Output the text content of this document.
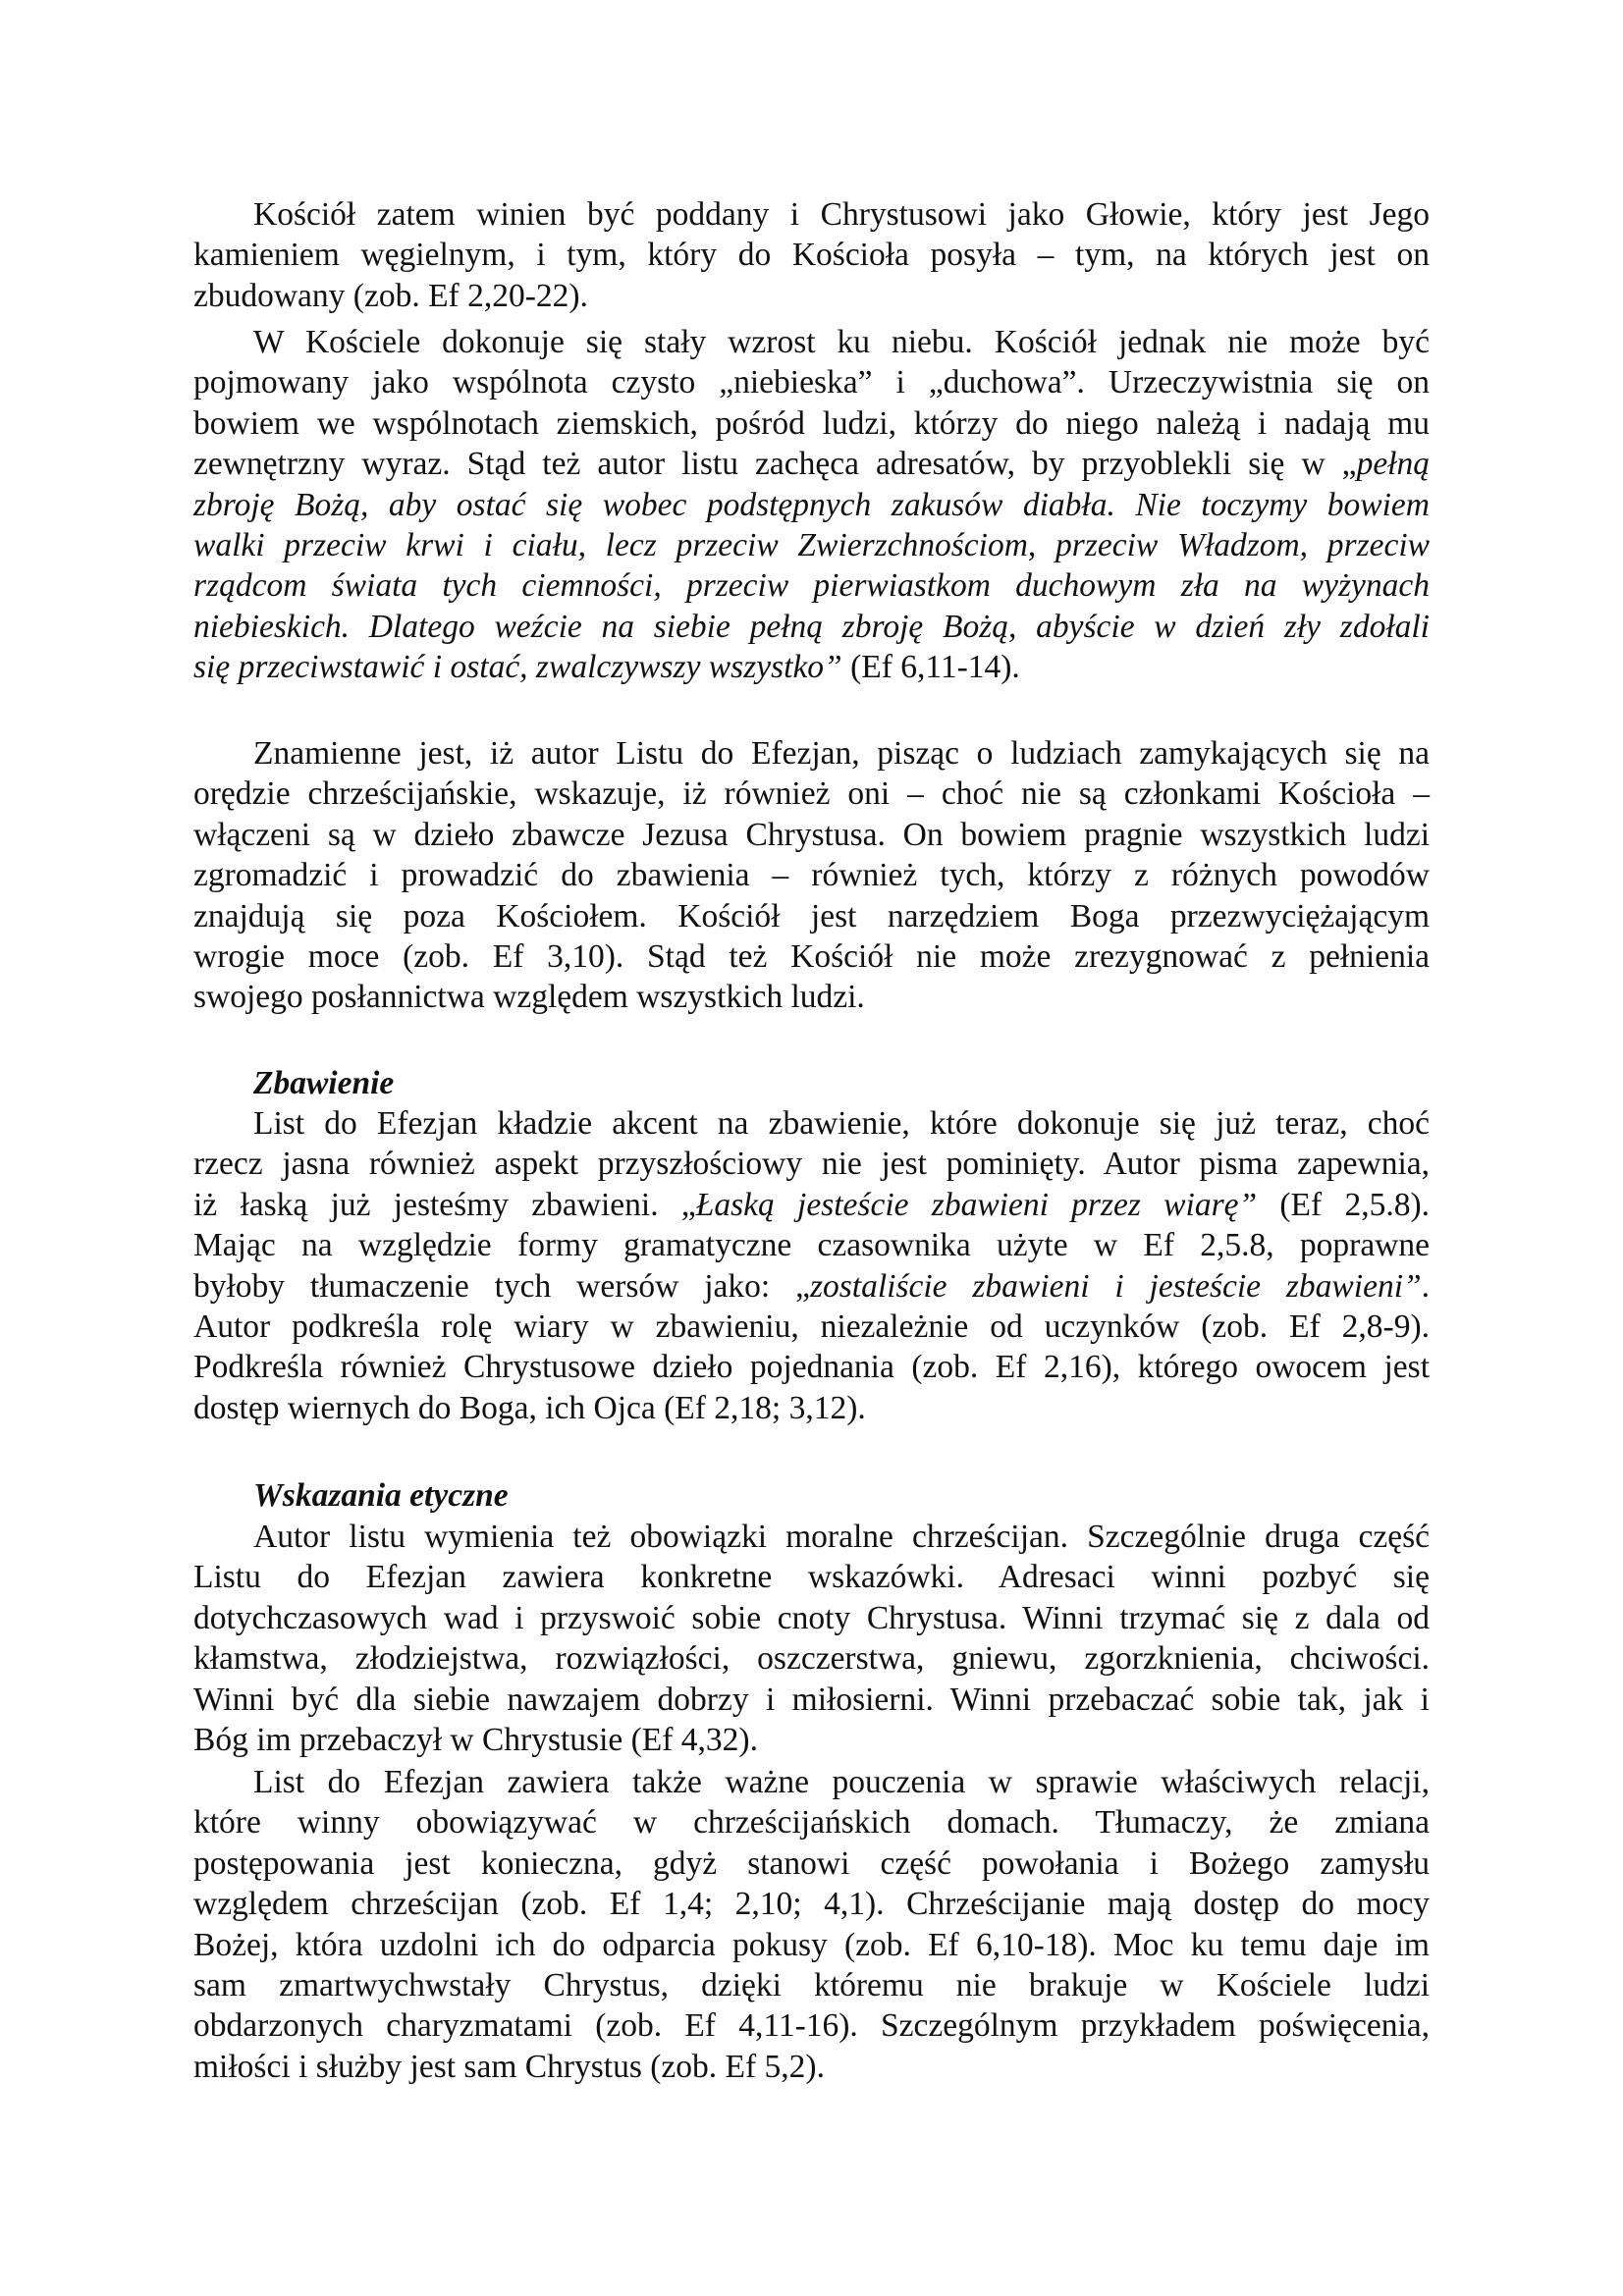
Kościół zatem winien być poddany i Chrystusowi jako Głowie, który jest Jego
kamieniem węgielnym, i tym, który do Kościoła posyła – tym, na których jest on
zbudowany (zob. Ef 2,20-22).
W Kościele dokonuje się stały wzrost ku niebu. Kościół jednak nie może być
pojmowany jako wspólnota czysto „niebieska” i „duchowa”. Urzeczywistnia się on
bowiem we wspólnotach ziemskich, pośród ludzi, którzy do niego należą i nadają mu
zewnętrzny wyraz. Stąd też autor listu zachęca adresatów, by przyoblekli się w „pełną
zbroję Bożą, aby ostać się wobec podstępnych zakusów diabła. Nie toczymy bowiem
walki przeciw krwi i ciału, lecz przeciw Zwierzchnościom, przeciw Władzom, przeciw
rządcom świata tych ciemności, przeciw pierwiastkom duchowym zła na wyżynach
niebieskich. Dlatego weźcie na siebie pełną zbroję Bożą, abyście w dzień zły zdołali
się przeciwstawić i ostać, zwalczywszy wszystko” (Ef 6,11-14).
Znamienne jest, iż autor Listu do Efezjan, pisząc o ludziach zamykających się na
orędzie chrześcijańskie, wskazuje, iż również oni – choć nie są członkami Kościoła –
włączeni są w dzieło zbawcze Jezusa Chrystusa. On bowiem pragnie wszystkich ludzi
zgromadzić i prowadzić do zbawienia – również tych, którzy z różnych powodów
znajdują się poza Kościołem. Kościół jest narzędziem Boga przezwyciężającym
wrogie moce (zob. Ef 3,10). Stąd też Kościół nie może zrezygnować z pełnienia
swojego posłannictwa względem wszystkich ludzi.
Zbawienie
List do Efezjan kładzie akcent na zbawienie, które dokonuje się już teraz, choć
rzecz jasna również aspekt przyszłościowy nie jest pominięty. Autor pisma zapewnia,
iż łaską już jesteśmy zbawieni. „Łaską jesteście zbawieni przez wiarę” (Ef 2,5.8).
Mając na względzie formy gramatyczne czasownika użyte w Ef 2,5.8, poprawne
byłoby tłumaczenie tych wersów jako: „zostaliście zbawieni i jesteście zbawieni”.
Autor podkreśla rolę wiary w zbawieniu, niezależnie od uczynków (zob. Ef 2,8-9).
Podkreśla również Chrystusowe dzieło pojednania (zob. Ef 2,16), którego owocem jest
dostęp wiernych do Boga, ich Ojca (Ef 2,18; 3,12).
Wskazania etyczne
Autor listu wymienia też obowiązki moralne chrześcijan. Szczególnie druga część
Listu do Efezjan zawiera konkretne wskazówki. Adresaci winni pozbyć się
dotychczasowych wad i przyswoić sobie cnoty Chrystusa. Winni trzymać się z dala od
kłamstwa, złodziejstwa, rozwiązłości, oszczerstwa, gniewu, zgorzknienia, chciwości.
Winni być dla siebie nawzajem dobrzy i miłosierni. Winni przebaczać sobie tak, jak i
Bóg im przebaczył w Chrystusie (Ef 4,32).
List do Efezjan zawiera także ważne pouczenia w sprawie właściwych relacji,
które winny obowiązywać w chrześcijańskich domach. Tłumaczy, że zmiana
postępowania jest konieczna, gdyż stanowi część powołania i Bożego zamysłu
względem chrześcijan (zob. Ef 1,4; 2,10; 4,1). Chrześcijanie mają dostęp do mocy
Bożej, która uzdolni ich do odparcia pokusy (zob. Ef 6,10-18). Moc ku temu daje im
sam zmartwychwstały Chrystus, dzięki któremu nie brakuje w Kościele ludzi
obdarzonych charyzmatami (zob. Ef 4,11-16). Szczególnym przykładem poświęcenia,
miłości i służby jest sam Chrystus (zob. Ef 5,2).
